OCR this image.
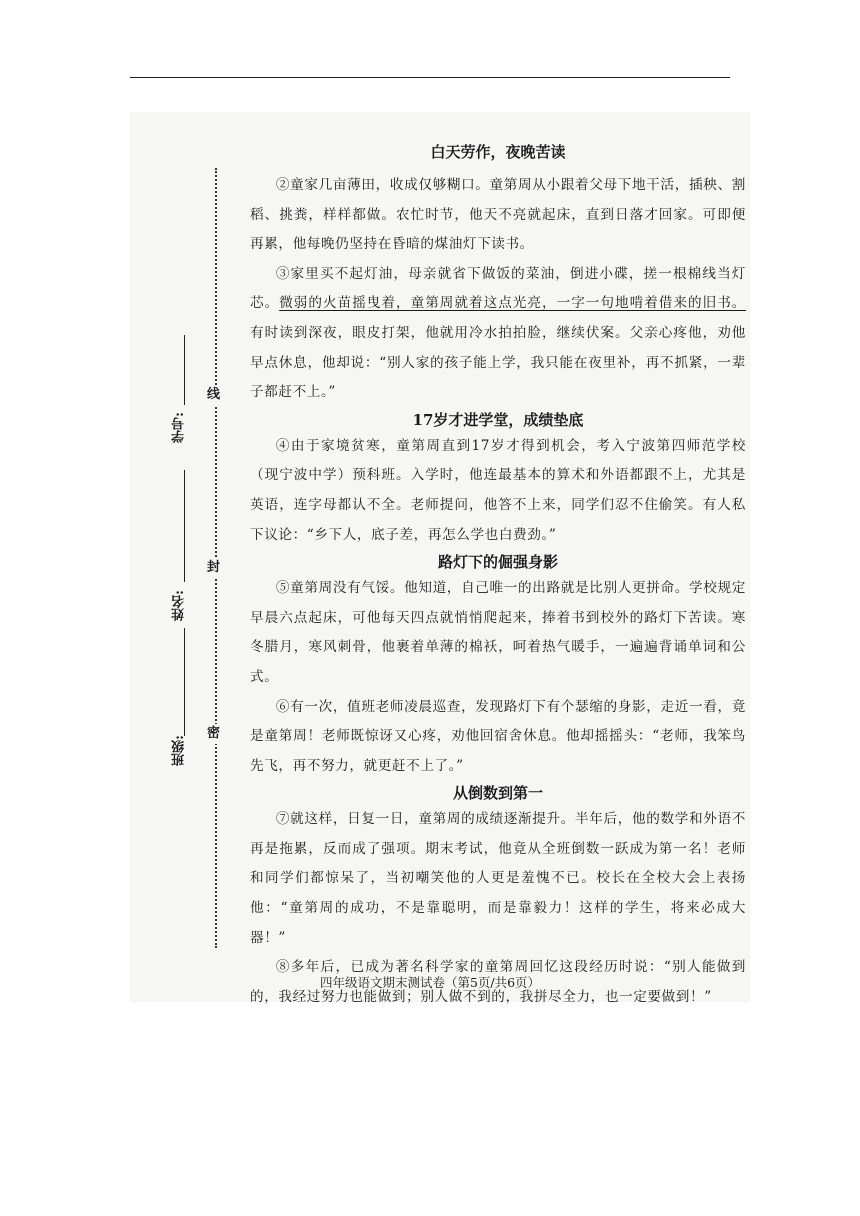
线
封
密
班级:
姓名:
学号:
白天劳作，夜晚苦读

②童家几亩薄田，收成仅够糊口。童第周从小跟着父母下地干活，插秧、割稻、挑粪，样样都做。农忙时节，他天不亮就起床，直到日落才回家。可即便再累，他每晚仍坚持在昏暗的煤油灯下读书。

③家里买不起灯油，母亲就省下做饭的菜油，倒进小碟，搓一根棉线当灯芯。微弱的火苗摇曳着，童第周就着这点光亮，一字一句地啃着借来的旧书。有时读到深夜，眼皮打架，他就用冷水拍拍脸，继续伏案。父亲心疼他，劝他早点休息，他却说：“别人家的孩子能上学，我只能在夜里补，再不抓紧，一辈子都赶不上。”

17岁才进学堂，成绩垫底

④由于家境贫寒，童第周直到17岁才得到机会，考入宁波第四师范学校（现宁波中学）预科班。入学时，他连最基本的算术和外语都跟不上，尤其是英语，连字母都认不全。老师提问，他答不上来，同学们忍不住偷笑。有人私下议论：“乡下人，底子差，再怎么学也白费劲。”

路灯下的倔强身影

⑤童第周没有气馁。他知道，自己唯一的出路就是比别人更拼命。学校规定早晨六点起床，可他每天四点就悄悄爬起来，捧着书到校外的路灯下苦读。寒冬腊月，寒风刺骨，他裹着单薄的棉袄，呵着热气暖手，一遍遍背诵单词和公式。

⑥有一次，值班老师凌晨巡查，发现路灯下有个瑟缩的身影，走近一看，竟是童第周！老师既惊讶又心疼，劝他回宿舍休息。他却摇摇头：“老师，我笨鸟先飞，再不努力，就更赶不上了。”

从倒数到第一

⑦就这样，日复一日，童第周的成绩逐渐提升。半年后，他的数学和外语不再是拖累，反而成了强项。期末考试，他竟从全班倒数一跃成为第一名！老师和同学们都惊呆了，当初嘲笑他的人更是羞愧不已。校长在全校大会上表扬他：“童第周的成功，不是靠聪明，而是靠毅力！这样的学生，将来必成大器！”

⑧多年后，已成为著名科学家的童第周回忆这段经历时说：“别人能做到的，我经过努力也能做到；别人做不到的，我拼尽全力，也一定要做到！”

四年级语文期末测试卷（第5页/共6页）
